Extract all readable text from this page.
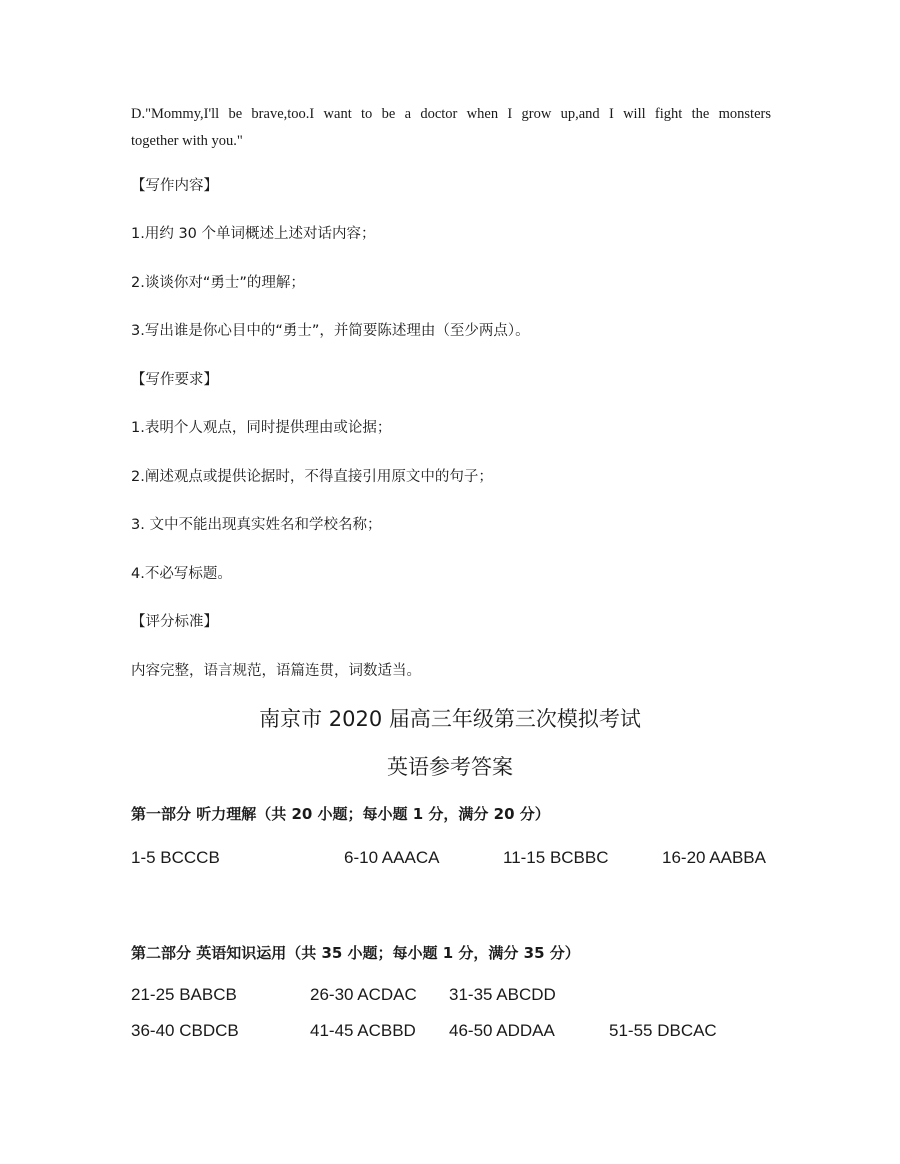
D."Mommy,I'll be brave,too.I want to be a doctor when I grow up,and I will fight the monsters
together with you."
【写作内容】
1.用约 30 个单词概述上述对话内容；
2.谈谈你对“勇士”的理解；
3.写出谁是你心目中的“勇士”，并简要陈述理由（至少两点）。
【写作要求】
1.表明个人观点，同时提供理由或论据；
2.阐述观点或提供论据时，不得直接引用原文中的句子；
3. 文中不能出现真实姓名和学校名称；
4.不必写标题。
【评分标准】
内容完整，语言规范，语篇连贯，词数适当。
南京市 2020 届高三年级第三次模拟考试
英语参考答案
第一部分 听力理解（共 20 小题；每小题 1 分，满分 20 分）
1-5 BCCCB	6-10 AAACA	11-15 BCBBC	16-20 AABBA
第二部分 英语知识运用（共 35 小题；每小题 1 分，满分 35 分）
21-25 BABCB	26-30 ACDAC 31-35 ABCDD
36-40 CBDCB	41-45 ACBBD 46-50 ADDAA	51-55 DBCAC
